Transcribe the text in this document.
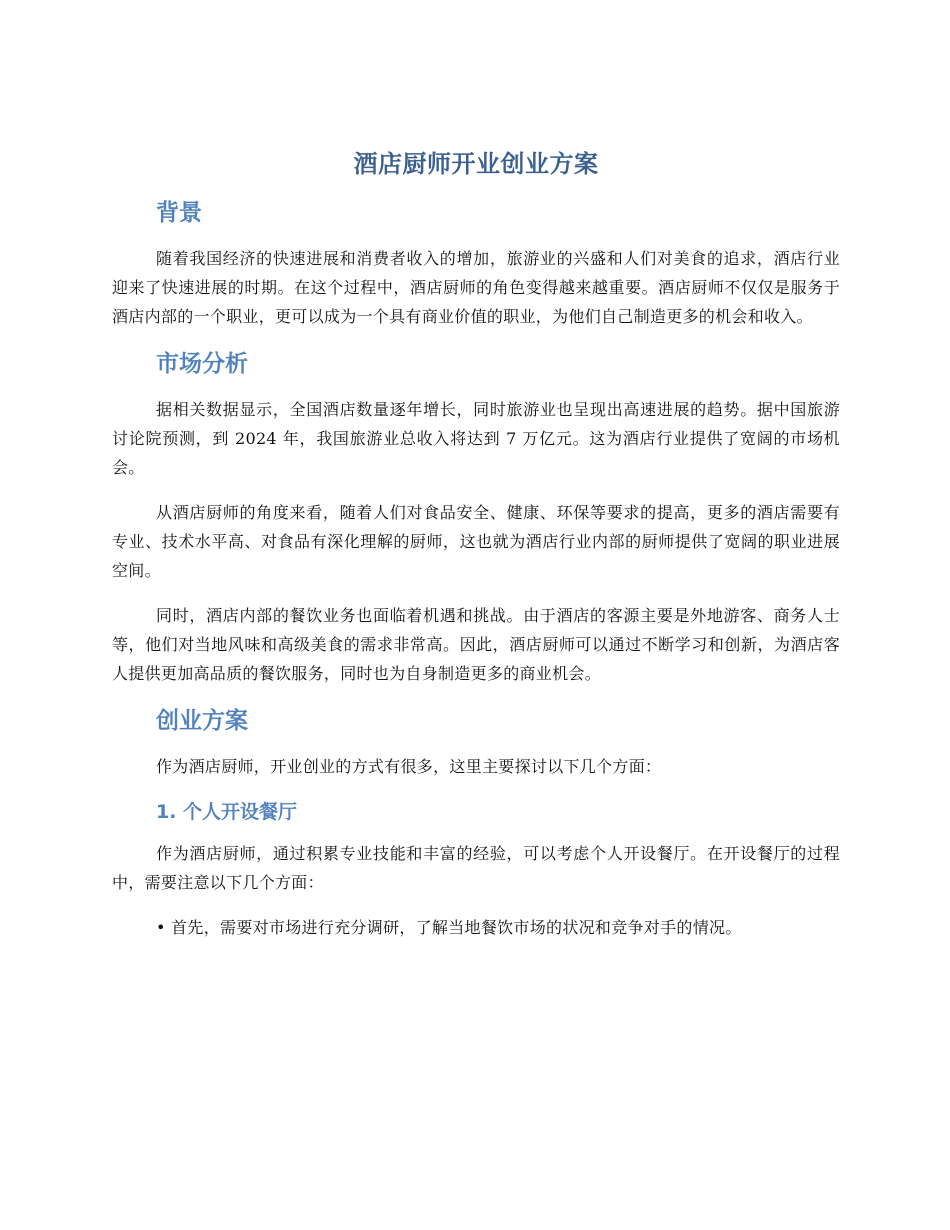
酒店厨师开业创业方案
背景

随着我国经济的快速进展和消费者收入的增加，旅游业的兴盛和人们对美食的追求，酒店行业迎来了快速进展的时期。在这个过程中，酒店厨师的角色变得越来越重要。酒店厨师不仅仅是服务于酒店内部的一个职业，更可以成为一个具有商业价值的职业，为他们自己制造更多的机会和收入。

市场分析

据相关数据显示，全国酒店数量逐年增长，同时旅游业也呈现出高速进展的趋势。据中国旅游讨论院预测，到 2024 年，我国旅游业总收入将达到 7 万亿元。这为酒店行业提供了宽阔的市场机会。

从酒店厨师的角度来看，随着人们对食品安全、健康、环保等要求的提高，更多的酒店需要有专业、技术水平高、对食品有深化理解的厨师，这也就为酒店行业内部的厨师提供了宽阔的职业进展空间。

同时，酒店内部的餐饮业务也面临着机遇和挑战。由于酒店的客源主要是外地游客、商务人士等，他们对当地风味和高级美食的需求非常高。因此，酒店厨师可以通过不断学习和创新，为酒店客人提供更加高品质的餐饮服务，同时也为自身制造更多的商业机会。

创业方案

作为酒店厨师，开业创业的方式有很多，这里主要探讨以下几个方面：

1. 个人开设餐厅

作为酒店厨师，通过积累专业技能和丰富的经验，可以考虑个人开设餐厅。在开设餐厅的过程中，需要注意以下几个方面：

• 首先，需要对市场进行充分调研，了解当地餐饮市场的状况和竞争对手的情况。
